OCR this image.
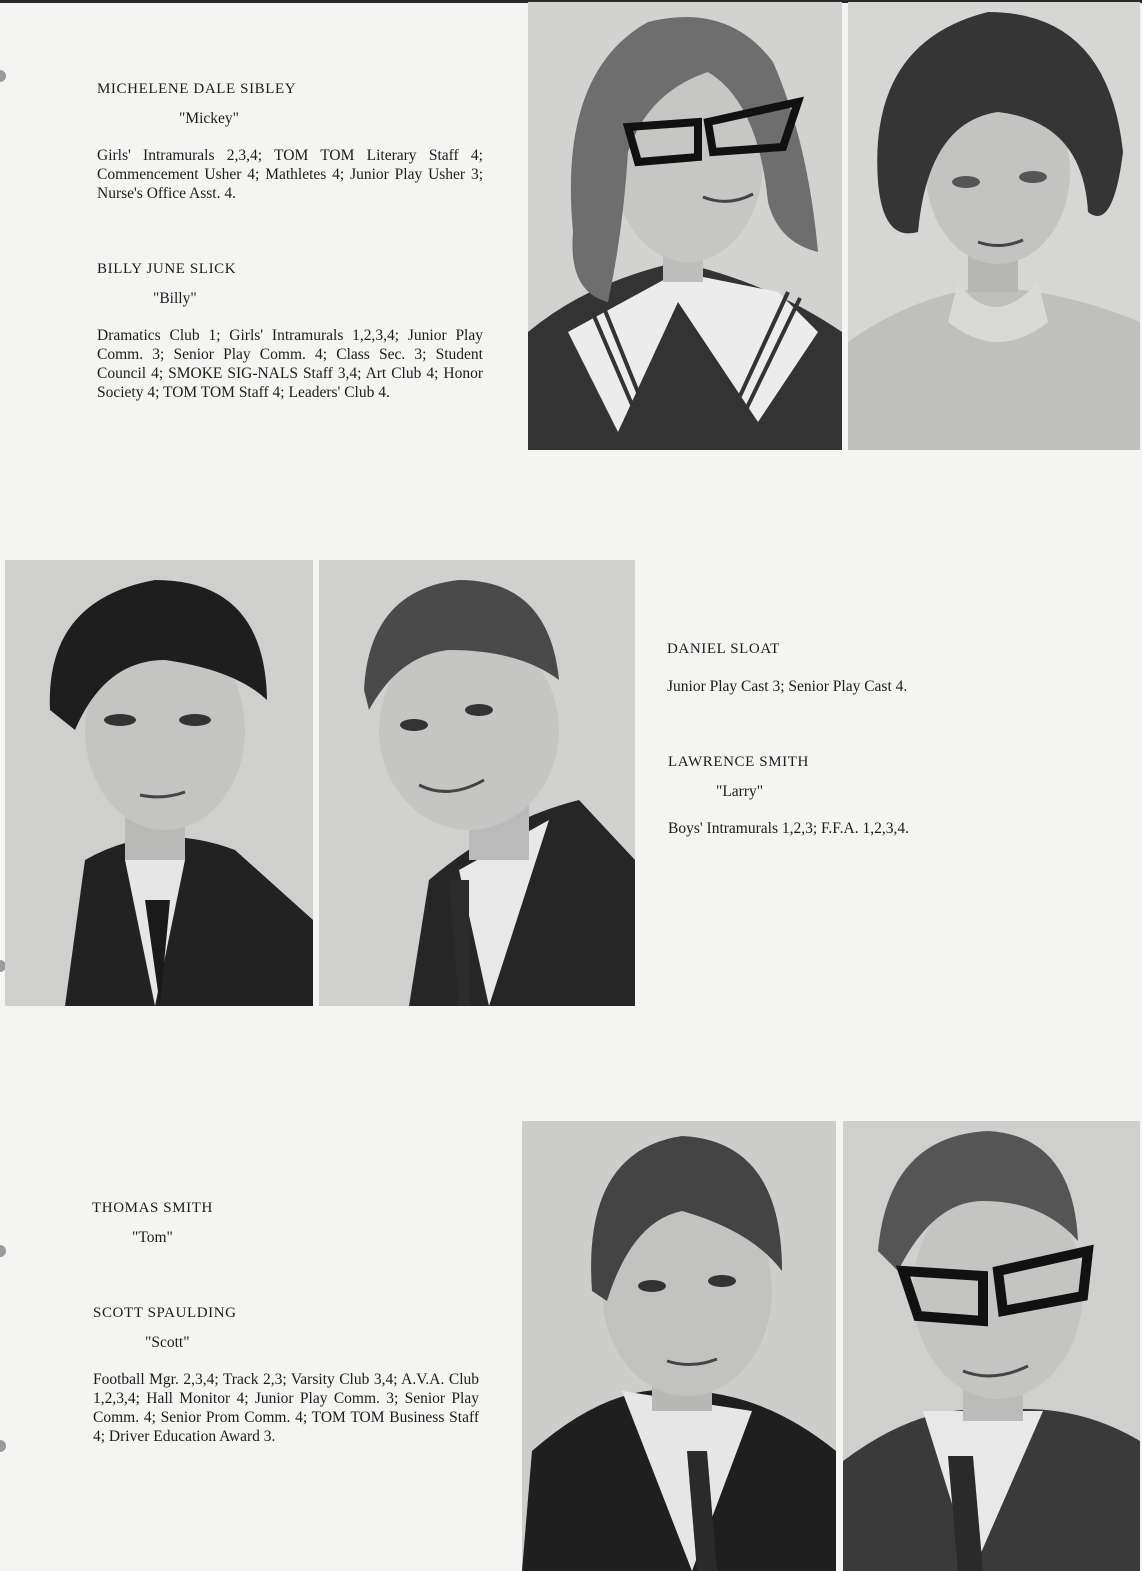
MICHELENE DALE SIBLEY
"Mickey"
Girls' Intramurals 2,3,4; TOM TOM Literary Staff 4; Commencement Usher 4; Mathletes 4; Junior Play Usher 3; Nurse's Office Asst. 4.
BILLY JUNE SLICK
"Billy"
Dramatics Club 1; Girls' Intramurals 1,2,3,4; Junior Play Comm. 3; Senior Play Comm. 4; Class Sec. 3; Student Council 4; SMOKE SIG-NALS Staff 3,4; Art Club 4; Honor Society 4; TOM TOM Staff 4; Leaders' Club 4.
DANIEL SLOAT
Junior Play Cast 3; Senior Play Cast 4.
LAWRENCE SMITH
"Larry"
Boys' Intramurals 1,2,3; F.F.A. 1,2,3,4.
THOMAS SMITH
"Tom"
SCOTT SPAULDING
"Scott"
Football Mgr. 2,3,4; Track 2,3; Varsity Club 3,4; A.V.A. Club 1,2,3,4; Hall Monitor 4; Junior Play Comm. 3; Senior Play Comm. 4; Senior Prom Comm. 4; TOM TOM Business Staff 4; Driver Education Award 3.
